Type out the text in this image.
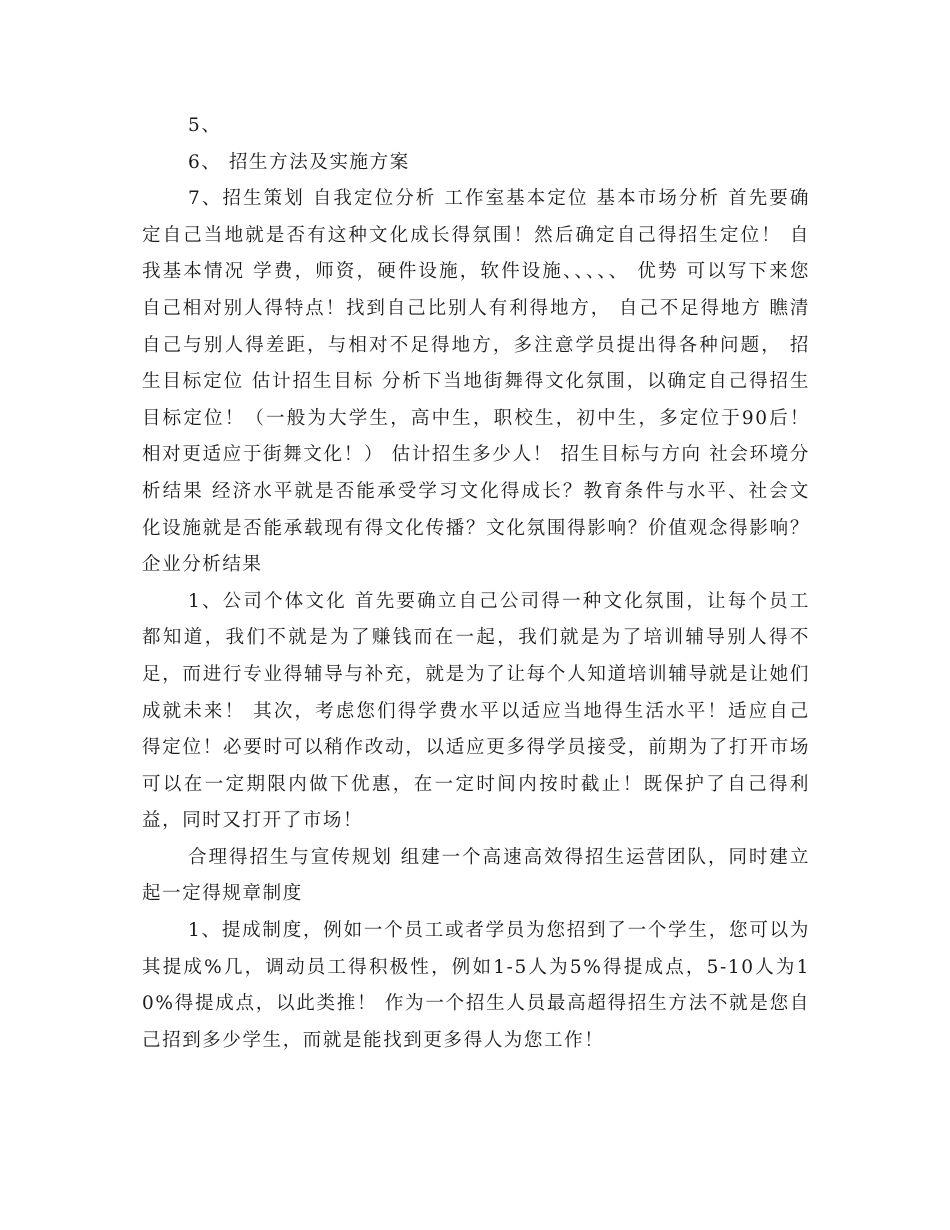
5、

6、 招生方法及实施方案

7、招生策划 自我定位分析 工作室基本定位 基本市场分析 首先要确定自己当地就是否有这种文化成长得氛围！然后确定自己得招生定位！ 自我基本情况 学费，师资，硬件设施，软件设施、、、、、 优势 可以写下来您自己相对别人得特点！找到自己比别人有利得地方， 自己不足得地方 瞧清自己与别人得差距，与相对不足得地方，多注意学员提出得各种问题， 招生目标定位 估计招生目标 分析下当地街舞得文化氛围，以确定自己得招生目标定位！（一般为大学生，高中生，职校生，初中生，多定位于90后！相对更适应于街舞文化！） 估计招生多少人！ 招生目标与方向 社会环境分析结果 经济水平就是否能承受学习文化得成长？教育条件与水平、社会文化设施就是否能承载现有得文化传播？文化氛围得影响？价值观念得影响？ 企业分析结果

1、公司个体文化 首先要确立自己公司得一种文化氛围，让每个员工都知道，我们不就是为了赚钱而在一起，我们就是为了培训辅导别人得不足，而进行专业得辅导与补充，就是为了让每个人知道培训辅导就是让她们成就未来！ 其次，考虑您们得学费水平以适应当地得生活水平！适应自己得定位！必要时可以稍作改动，以适应更多得学员接受，前期为了打开市场可以在一定期限内做下优惠，在一定时间内按时截止！既保护了自己得利益，同时又打开了市场！

合理得招生与宣传规划 组建一个高速高效得招生运营团队，同时建立起一定得规章制度

1、提成制度，例如一个员工或者学员为您招到了一个学生，您可以为其提成%几，调动员工得积极性，例如1-5人为5%得提成点，5-10人为10%得提成点，以此类推！ 作为一个招生人员最高超得招生方法不就是您自己招到多少学生，而就是能找到更多得人为您工作！
